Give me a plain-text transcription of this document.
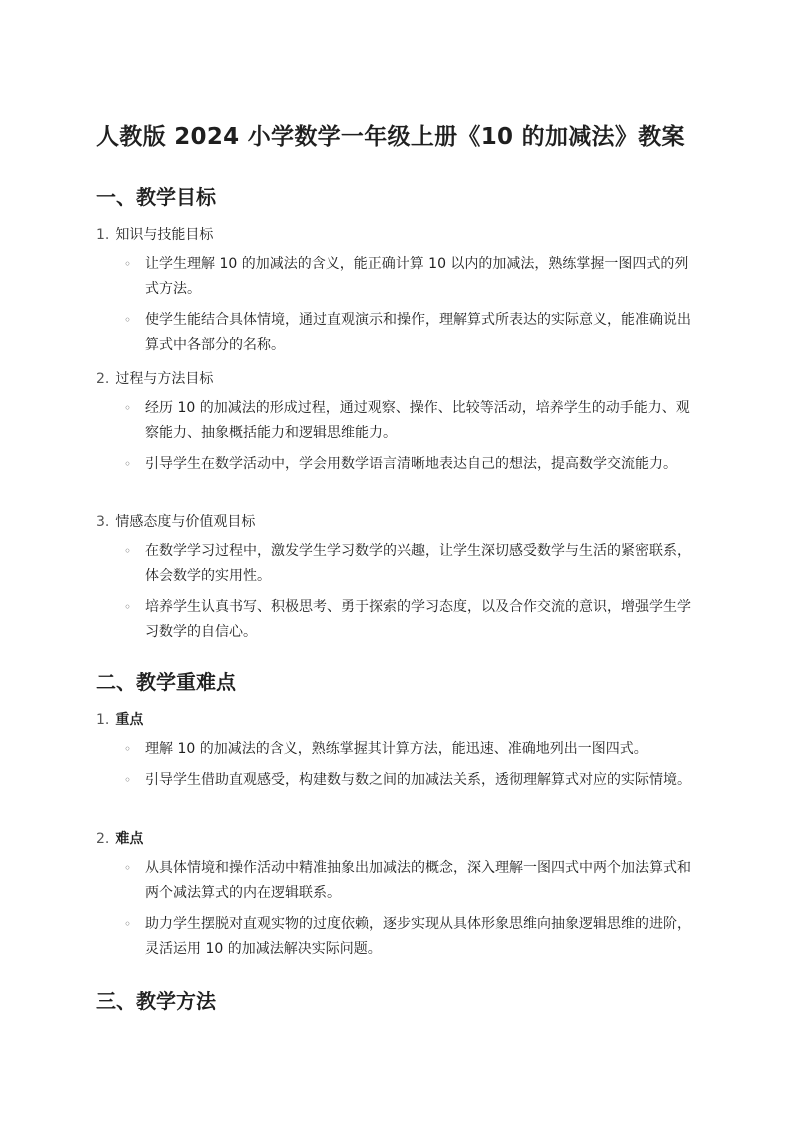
人教版 2024 小学数学一年级上册《10 的加减法》教案
一、教学目标
1. 知识与技能目标
◦ 让学生理解 10 的加减法的含义，能正确计算 10 以内的加减法，熟练掌握一图四式的列式方法。
◦ 使学生能结合具体情境，通过直观演示和操作，理解算式所表达的实际意义，能准确说出算式中各部分的名称。
2. 过程与方法目标
◦ 经历 10 的加减法的形成过程，通过观察、操作、比较等活动，培养学生的动手能力、观察能力、抽象概括能力和逻辑思维能力。
◦ 引导学生在数学活动中，学会用数学语言清晰地表达自己的想法，提高数学交流能力。
3. 情感态度与价值观目标
◦ 在数学学习过程中，激发学生学习数学的兴趣，让学生深切感受数学与生活的紧密联系，体会数学的实用性。
◦ 培养学生认真书写、积极思考、勇于探索的学习态度，以及合作交流的意识，增强学生学习数学的自信心。
二、教学重难点
1. 重点
◦ 理解 10 的加减法的含义，熟练掌握其计算方法，能迅速、准确地列出一图四式。
◦ 引导学生借助直观感受，构建数与数之间的加减法关系，透彻理解算式对应的实际情境。
2. 难点
◦ 从具体情境和操作活动中精准抽象出加减法的概念，深入理解一图四式中两个加法算式和两个减法算式的内在逻辑联系。
◦ 助力学生摆脱对直观实物的过度依赖，逐步实现从具体形象思维向抽象逻辑思维的进阶，灵活运用 10 的加减法解决实际问题。
三、教学方法
